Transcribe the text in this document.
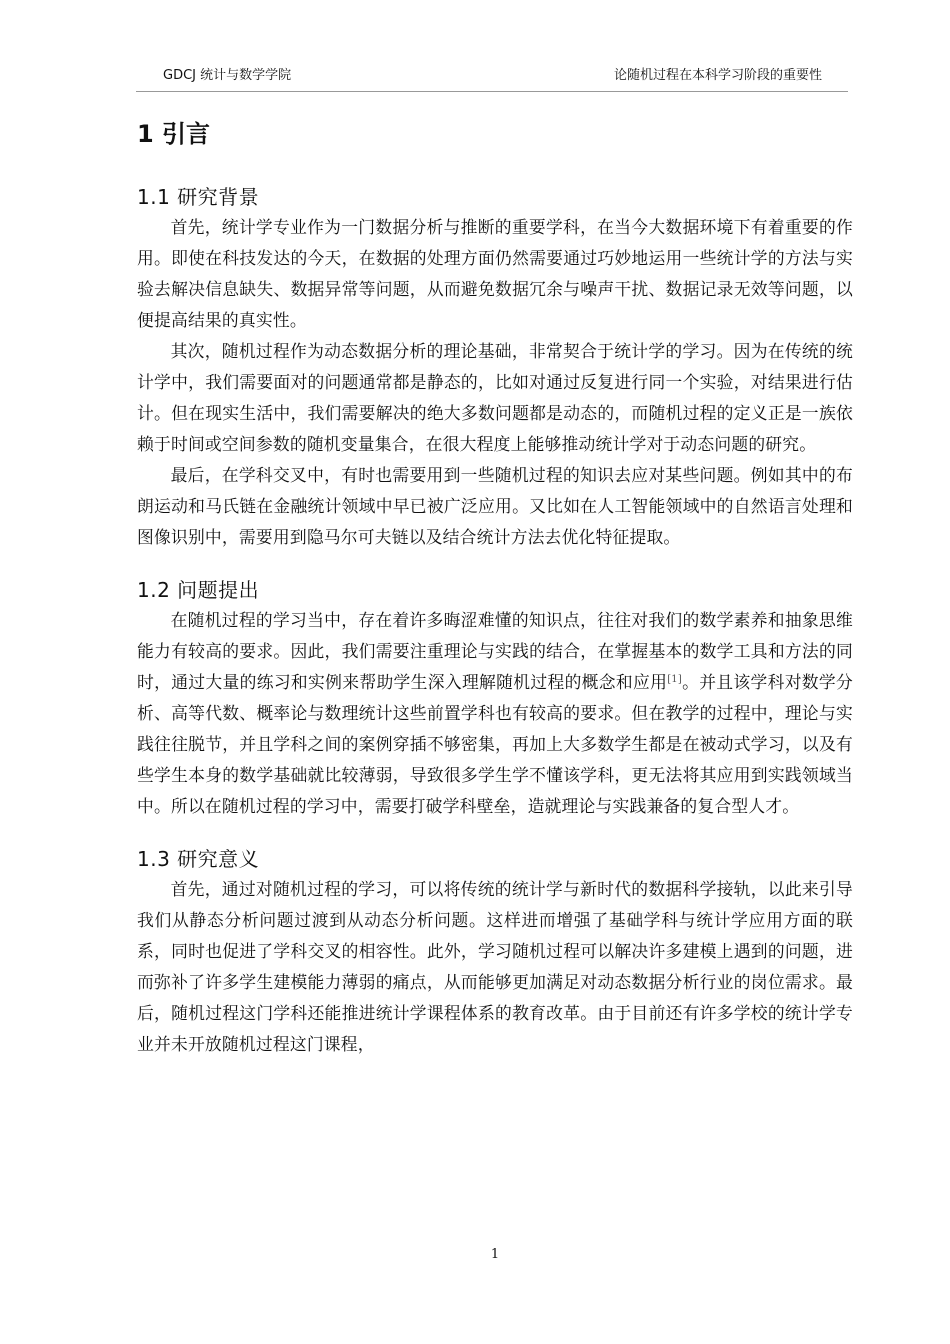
GDCJ 统计与数学学院	论随机过程在本科学习阶段的重要性
1 引言
1.1 研究背景

首先，统计学专业作为一门数据分析与推断的重要学科，在当今大数据环境下有着重要的作用。即使在科技发达的今天，在数据的处理方面仍然需要通过巧妙地运用一些统计学的方法与实验去解决信息缺失、数据异常等问题，从而避免数据冗余与噪声干扰、数据记录无效等问题，以便提高结果的真实性。

其次，随机过程作为动态数据分析的理论基础，非常契合于统计学的学习。因为在传统的统计学中，我们需要面对的问题通常都是静态的，比如对通过反复进行同一个实验，对结果进行估计。但在现实生活中，我们需要解决的绝大多数问题都是动态的，而随机过程的定义正是一族依赖于时间或空间参数的随机变量集合，在很大程度上能够推动统计学对于动态问题的研究。

最后，在学科交叉中，有时也需要用到一些随机过程的知识去应对某些问题。例如其中的布朗运动和马氏链在金融统计领域中早已被广泛应用。又比如在人工智能领域中的自然语言处理和图像识别中，需要用到隐马尔可夫链以及结合统计方法去优化特征提取。

1.2 问题提出

在随机过程的学习当中，存在着许多晦涩难懂的知识点，往往对我们的数学素养和抽象思维能力有较高的要求。因此，我们需要注重理论与实践的结合，在掌握基本的数学工具和方法的同时，通过大量的练习和实例来帮助学生深入理解随机过程的概念和应用[1]。并且该学科对数学分析、高等代数、概率论与数理统计这些前置学科也有较高的要求。但在教学的过程中，理论与实践往往脱节，并且学科之间的案例穿插不够密集，再加上大多数学生都是在被动式学习，以及有些学生本身的数学基础就比较薄弱，导致很多学生学不懂该学科，更无法将其应用到实践领域当中。所以在随机过程的学习中，需要打破学科壁垒，造就理论与实践兼备的复合型人才。

1.3 研究意义

首先，通过对随机过程的学习，可以将传统的统计学与新时代的数据科学接轨，以此来引导我们从静态分析问题过渡到从动态分析问题。这样进而增强了基础学科与统计学应用方面的联系，同时也促进了学科交叉的相容性。此外，学习随机过程可以解决许多建模上遇到的问题，进而弥补了许多学生建模能力薄弱的痛点，从而能够更加满足对动态数据分析行业的岗位需求。最后，随机过程这门学科还能推进统计学课程体系的教育改革。由于目前还有许多学校的统计学专业并未开放随机过程这门课程，

1
